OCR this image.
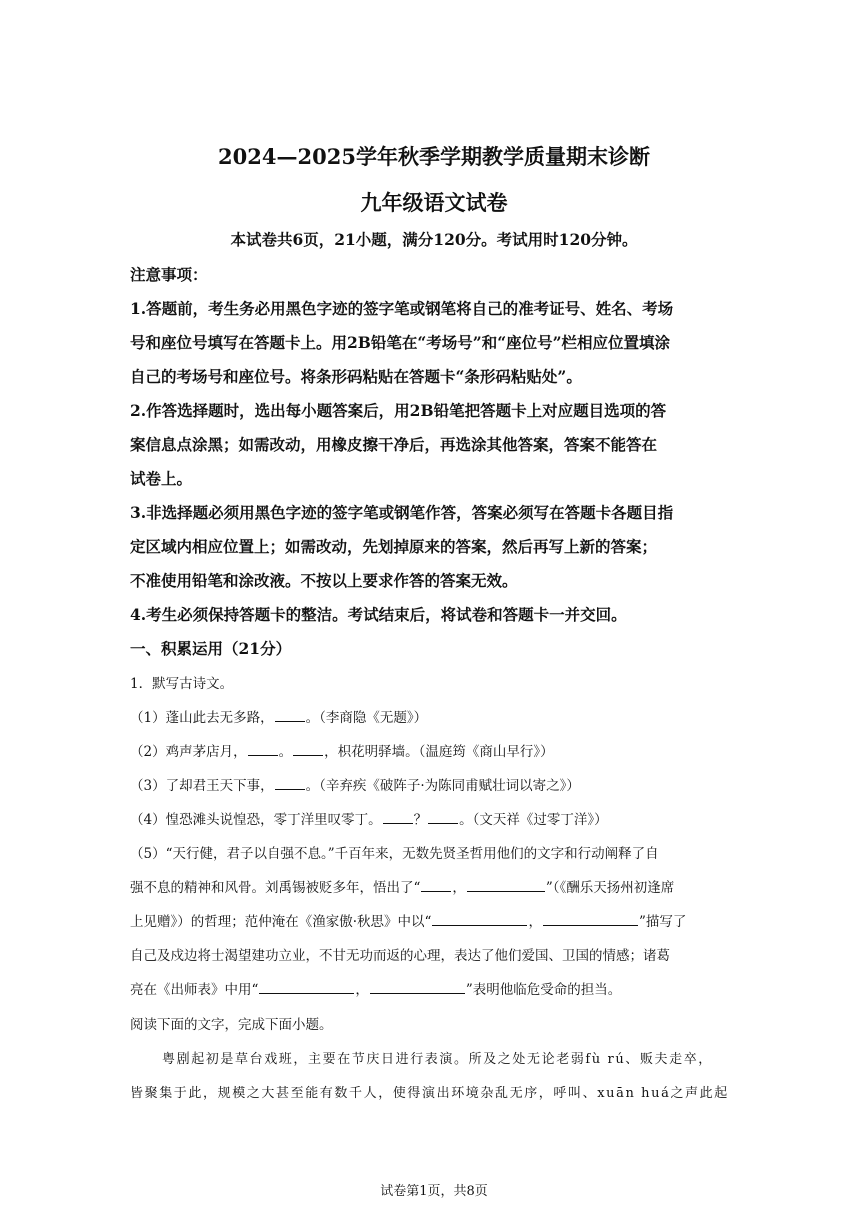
2024—2025学年秋季学期教学质量期末诊断
九年级语文试卷
本试卷共6页，21小题，满分120分。考试用时120分钟。
注意事项：
1.答题前，考生务必用黑色字迹的签字笔或钢笔将自己的准考证号、姓名、考场
号和座位号填写在答题卡上。用2B铅笔在“考场号”和“座位号”栏相应位置填涂
自己的考场号和座位号。将条形码粘贴在答题卡“条形码粘贴处”。
2.作答选择题时，选出每小题答案后，用2B铅笔把答题卡上对应题目选项的答
案信息点涂黑；如需改动，用橡皮擦干净后，再选涂其他答案，答案不能答在
试卷上。
3.非选择题必须用黑色字迹的签字笔或钢笔作答，答案必须写在答题卡各题目指
定区域内相应位置上；如需改动，先划掉原来的答案，然后再写上新的答案；
不准使用铅笔和涂改液。不按以上要求作答的答案无效。
4.考生必须保持答题卡的整洁。考试结束后，将试卷和答题卡一并交回。
一、积累运用（21分）
1．默写古诗文。
（1）蓬山此去无多路， 。（李商隐《无题》）
（2）鸡声茅店月， 。 ，枳花明驿墙。（温庭筠《商山早行》）
（3）了却君王天下事， 。（辛弃疾《破阵子·为陈同甫赋壮词以寄之》）
（4）惶恐滩头说惶恐，零丁洋里叹零丁。 ？ 。（文天祥《过零丁洋》）
（5）“天行健，君子以自强不息。”千百年来，无数先贤圣哲用他们的文字和行动阐释了自
强不息的精神和风骨。刘禹锡被贬多年，悟出了“ ，	”（《酬乐天扬州初逢席
上见赠》）的哲理；范仲淹在《渔家傲·秋思》中以“	，	”描写了
自己及戍边将士渴望建功立业，不甘无功而返的心理，表达了他们爱国、卫国的情感；诸葛
亮在《出师表》中用“	，	”表明他临危受命的担当。
阅读下面的文字，完成下面小题。
粤剧起初是草台戏班，主要在节庆日进行表演。所及之处无论老弱fù rú、贩夫走卒，
皆聚集于此，规模之大甚至能有数千人，使得演出环境杂乱无序，呼叫、xuān huá之声此起
试卷第1页，共8页
